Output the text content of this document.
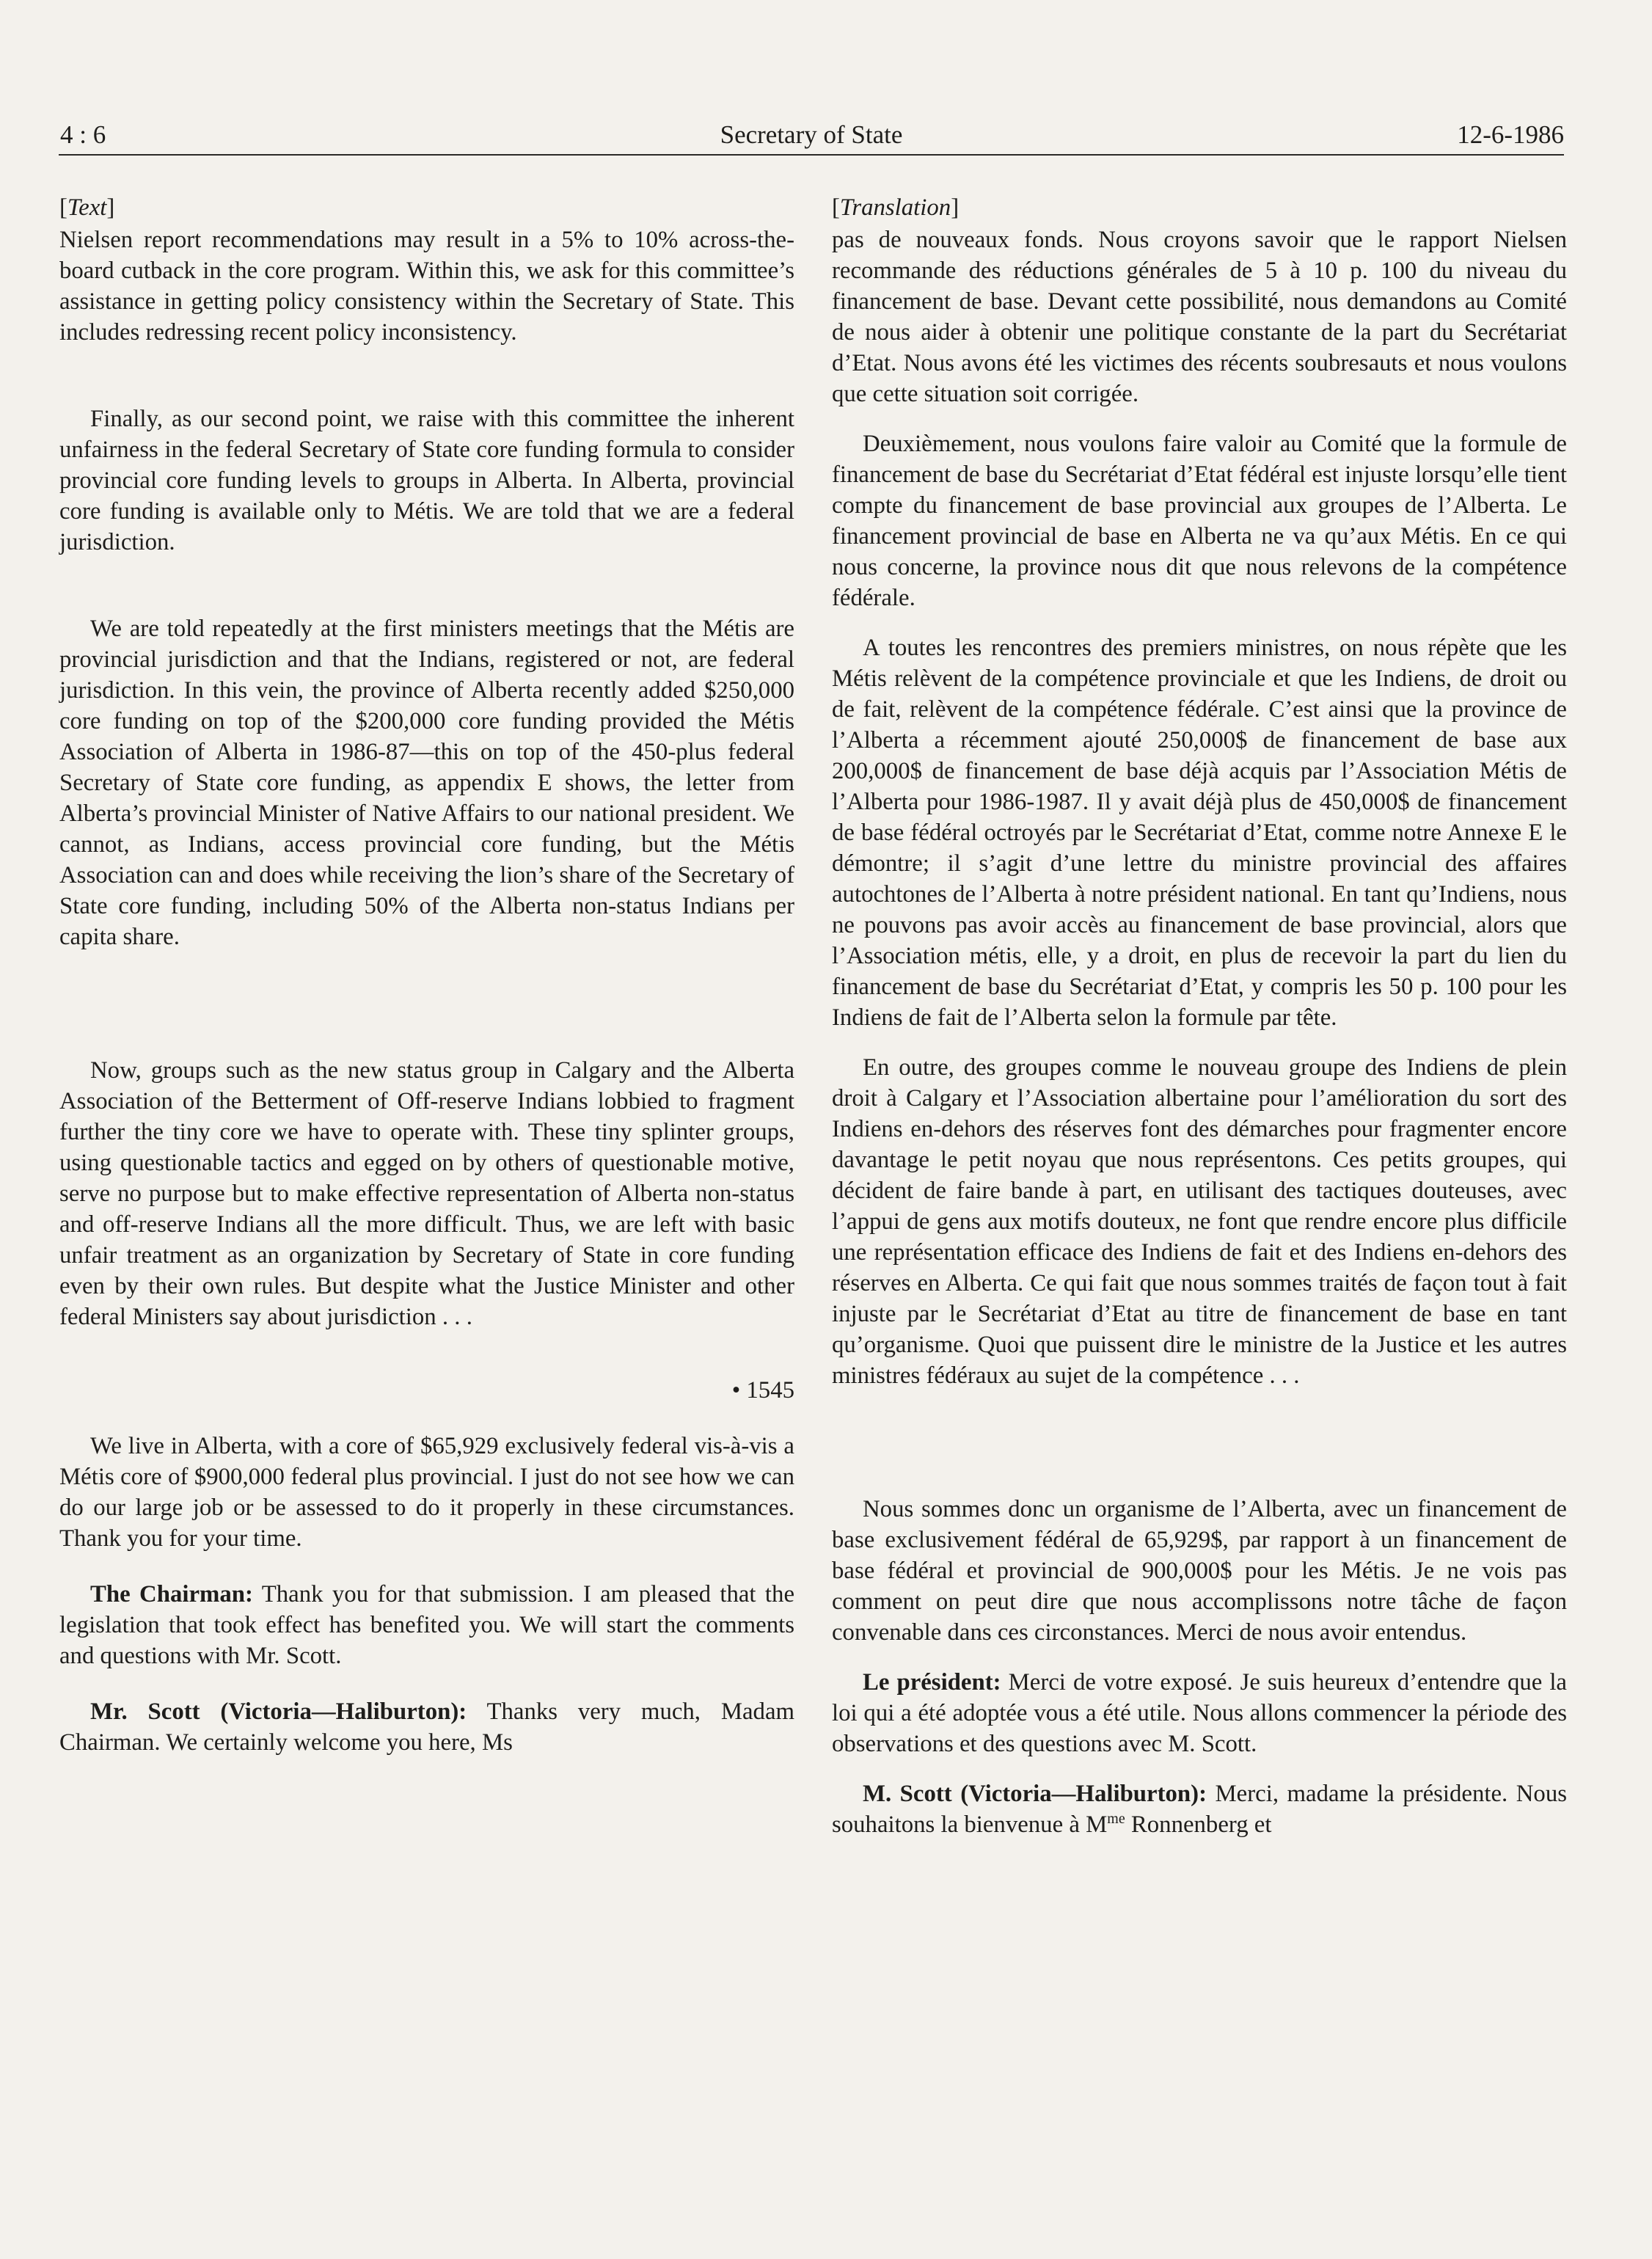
4 : 6	Secretary of State	12-6-1986
[Text]

Nielsen report recommendations may result in a 5% to 10% across-the-board cutback in the core program. Within this, we ask for this committee’s assistance in getting policy consistency within the Secretary of State. This includes redressing recent policy inconsistency.

Finally, as our second point, we raise with this committee the inherent unfairness in the federal Secretary of State core funding formula to consider provincial core funding levels to groups in Alberta. In Alberta, provincial core funding is available only to Métis. We are told that we are a federal jurisdiction.

We are told repeatedly at the first ministers meetings that the Métis are provincial jurisdiction and that the Indians, registered or not, are federal jurisdiction. In this vein, the province of Alberta recently added $250,000 core funding on top of the $200,000 core funding provided the Métis Association of Alberta in 1986-87—this on top of the 450-plus federal Secretary of State core funding, as appendix E shows, the letter from Alberta’s provincial Minister of Native Affairs to our national president. We cannot, as Indians, access provincial core funding, but the Métis Association can and does while receiving the lion’s share of the Secretary of State core funding, including 50% of the Alberta non-status Indians per capita share.

Now, groups such as the new status group in Calgary and the Alberta Association of the Betterment of Off-reserve Indians lobbied to fragment further the tiny core we have to operate with. These tiny splinter groups, using questionable tactics and egged on by others of questionable motive, serve no purpose but to make effective representation of Alberta non-status and off-reserve Indians all the more difficult. Thus, we are left with basic unfair treatment as an organization by Secretary of State in core funding even by their own rules. But despite what the Justice Minister and other federal Ministers say about jurisdiction . . .

• 1545

We live in Alberta, with a core of $65,929 exclusively federal vis-à-vis a Métis core of $900,000 federal plus provincial. I just do not see how we can do our large job or be assessed to do it properly in these circumstances. Thank you for your time.

The Chairman: Thank you for that submission. I am pleased that the legislation that took effect has benefited you. We will start the comments and questions with Mr. Scott.

Mr. Scott (Victoria—Haliburton): Thanks very much, Madam Chairman. We certainly welcome you here, Ms

[Translation]

pas de nouveaux fonds. Nous croyons savoir que le rapport Nielsen recommande des réductions générales de 5 à 10 p. 100 du niveau du financement de base. Devant cette possibilité, nous demandons au Comité de nous aider à obtenir une politique constante de la part du Secrétariat d’Etat. Nous avons été les victimes des récents soubresauts et nous voulons que cette situation soit corrigée.

Deuxièmement, nous voulons faire valoir au Comité que la formule de financement de base du Secrétariat d’Etat fédéral est injuste lorsqu’elle tient compte du financement de base provincial aux groupes de l’Alberta. Le financement provincial de base en Alberta ne va qu’aux Métis. En ce qui nous concerne, la province nous dit que nous relevons de la compétence fédérale.

A toutes les rencontres des premiers ministres, on nous répète que les Métis relèvent de la compétence provinciale et que les Indiens, de droit ou de fait, relèvent de la compétence fédérale. C’est ainsi que la province de l’Alberta a récemment ajouté 250,000$ de financement de base aux 200,000$ de financement de base déjà acquis par l’Association Métis de l’Alberta pour 1986-1987. Il y avait déjà plus de 450,000$ de financement de base fédéral octroyés par le Secrétariat d’Etat, comme notre Annexe E le démontre; il s’agit d’une lettre du ministre provincial des affaires autochtones de l’Alberta à notre président national. En tant qu’Indiens, nous ne pouvons pas avoir accès au financement de base provincial, alors que l’Association métis, elle, y a droit, en plus de recevoir la part du lien du financement de base du Secrétariat d’Etat, y compris les 50 p. 100 pour les Indiens de fait de l’Alberta selon la formule par tête.

En outre, des groupes comme le nouveau groupe des Indiens de plein droit à Calgary et l’Association albertaine pour l’amélioration du sort des Indiens en-dehors des réserves font des démarches pour fragmenter encore davantage le petit noyau que nous représentons. Ces petits groupes, qui décident de faire bande à part, en utilisant des tactiques douteuses, avec l’appui de gens aux motifs douteux, ne font que rendre encore plus difficile une représentation efficace des Indiens de fait et des Indiens en-dehors des réserves en Alberta. Ce qui fait que nous sommes traités de façon tout à fait injuste par le Secrétariat d’Etat au titre de financement de base en tant qu’organisme. Quoi que puissent dire le ministre de la Justice et les autres ministres fédéraux au sujet de la compétence . . .

Nous sommes donc un organisme de l’Alberta, avec un financement de base exclusivement fédéral de 65,929$, par rapport à un financement de base fédéral et provincial de 900,000$ pour les Métis. Je ne vois pas comment on peut dire que nous accomplissons notre tâche de façon convenable dans ces circonstances. Merci de nous avoir entendus.

Le président: Merci de votre exposé. Je suis heureux d’entendre que la loi qui a été adoptée vous a été utile. Nous allons commencer la période des observations et des questions avec M. Scott.

M. Scott (Victoria—Haliburton): Merci, madame la présidente. Nous souhaitons la bienvenue à $M^{me}$ Ronnenberg et
